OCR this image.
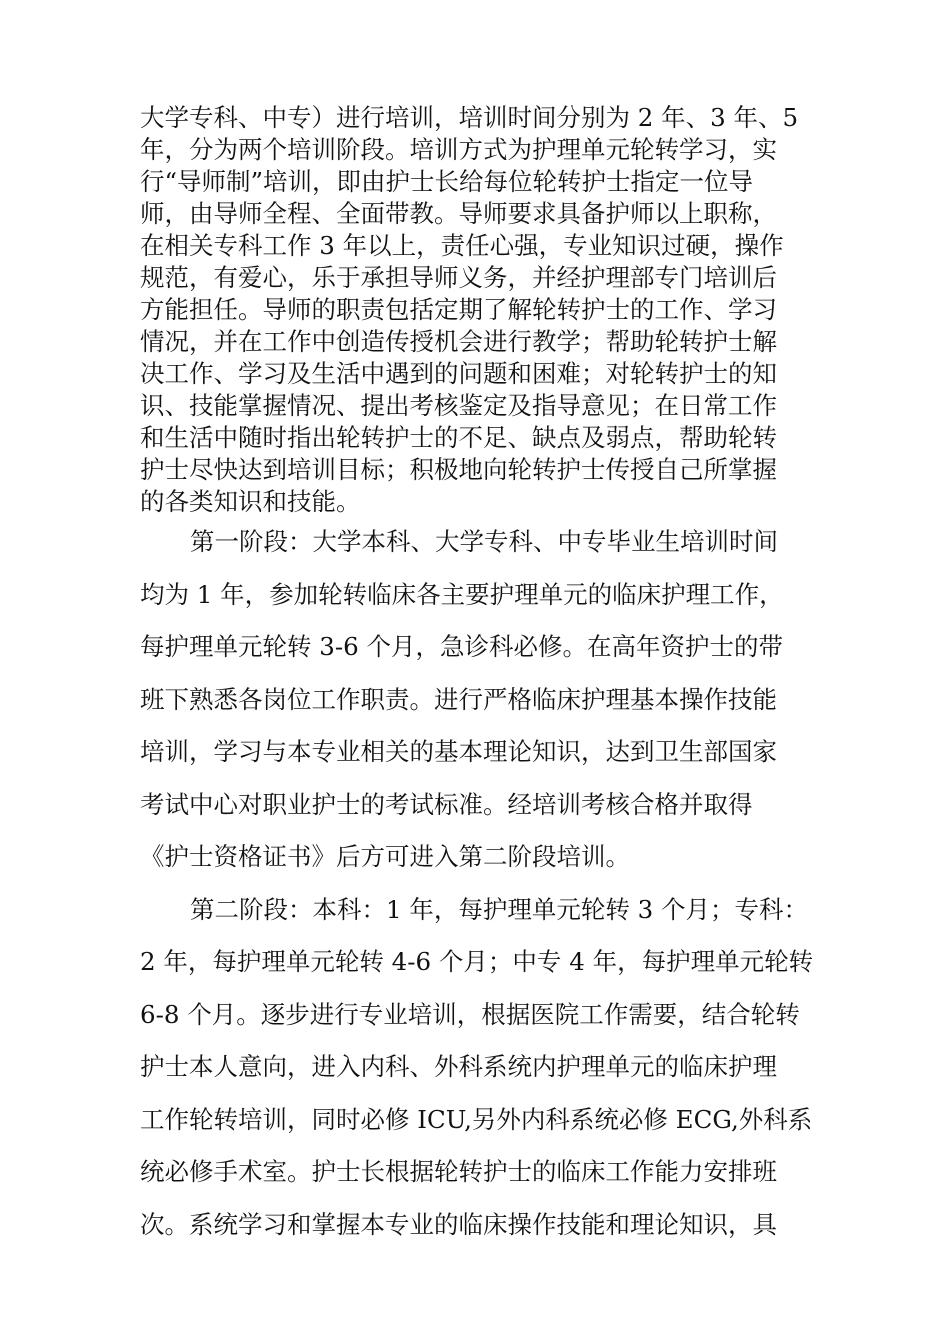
大学专科、中专）进行培训，培训时间分别为 2 年、3 年、5

年，分为两个培训阶段。培训方式为护理单元轮转学习，实

行“导师制”培训，即由护士长给每位轮转护士指定一位导

师，由导师全程、全面带教。导师要求具备护师以上职称，

在相关专科工作 3 年以上，责任心强，专业知识过硬，操作

规范，有爱心，乐于承担导师义务，并经护理部专门培训后

方能担任。导师的职责包括定期了解轮转护士的工作、学习

情况，并在工作中创造传授机会进行教学；帮助轮转护士解

决工作、学习及生活中遇到的问题和困难；对轮转护士的知

识、技能掌握情况、提出考核鉴定及指导意见；在日常工作

和生活中随时指出轮转护士的不足、缺点及弱点，帮助轮转

护士尽快达到培训目标；积极地向轮转护士传授自己所掌握

的各类知识和技能。

第一阶段：大学本科、大学专科、中专毕业生培训时间

均为 1 年，参加轮转临床各主要护理单元的临床护理工作，

每护理单元轮转 3-6 个月，急诊科必修。在高年资护士的带

班下熟悉各岗位工作职责。进行严格临床护理基本操作技能

培训，学习与本专业相关的基本理论知识，达到卫生部国家

考试中心对职业护士的考试标准。经培训考核合格并取得

《护士资格证书》后方可进入第二阶段培训。

第二阶段：本科：1 年，每护理单元轮转 3 个月；专科：

2 年，每护理单元轮转 4-6 个月；中专 4 年，每护理单元轮转

6-8 个月。逐步进行专业培训，根据医院工作需要，结合轮转

护士本人意向，进入内科、外科系统内护理单元的临床护理

工作轮转培训，同时必修 ICU,另外内科系统必修 ECG,外科系

统必修手术室。护士长根据轮转护士的临床工作能力安排班

次。系统学习和掌握本专业的临床操作技能和理论知识，具
